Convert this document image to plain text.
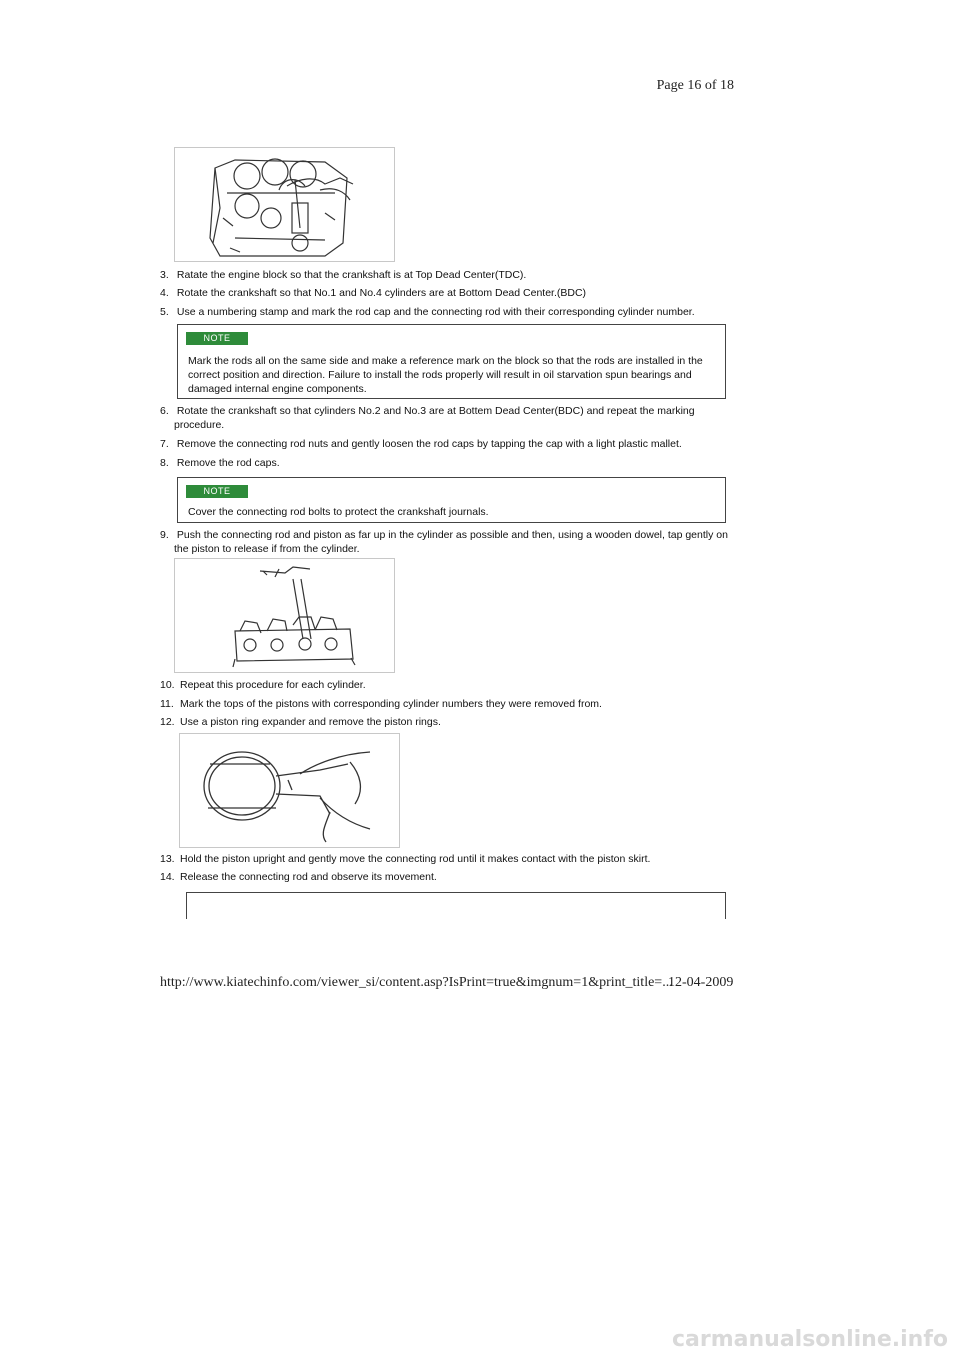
Page 16 of 18
3. Ratate the engine block so that the crankshaft is at Top Dead Center(TDC).
4. Rotate the crankshaft so that No.1 and No.4 cylinders are at Bottom Dead Center.(BDC)
5. Use a numbering stamp and mark the rod cap and the connecting rod with their corresponding cylinder number.
NOTE
Mark the rods all on the same side and make a reference mark on the block so that the rods are installed in the
correct position and direction. Failure to install the rods properly will result in oil starvation spun bearings and
damaged internal engine components.
6. Rotate the crankshaft so that cylinders No.2 and No.3 are at Bottem Dead Center(BDC) and repeat the marking
procedure.
7. Remove the connecting rod nuts and gently loosen the rod caps by tapping the cap with a light plastic mallet.
8. Remove the rod caps.
NOTE
Cover the connecting rod bolts to protect the crankshaft journals.
9. Push the connecting rod and piston as far up in the cylinder as possible and then, using a wooden dowel, tap gently on
the piston to release if from the cylinder.
10. Repeat this procedure for each cylinder.
11. Mark the tops of the pistons with corresponding cylinder numbers they were removed from.
12. Use a piston ring expander and remove the piston rings.
13. Hold the piston upright and gently move the connecting rod until it makes contact with the piston skirt.
14. Release the connecting rod and observe its movement.
http://www.kiatechinfo.com/viewer_si/content.asp?IsPrint=true&imgnum=1&print_title=...
12-04-2009
carmanualsonline.info
